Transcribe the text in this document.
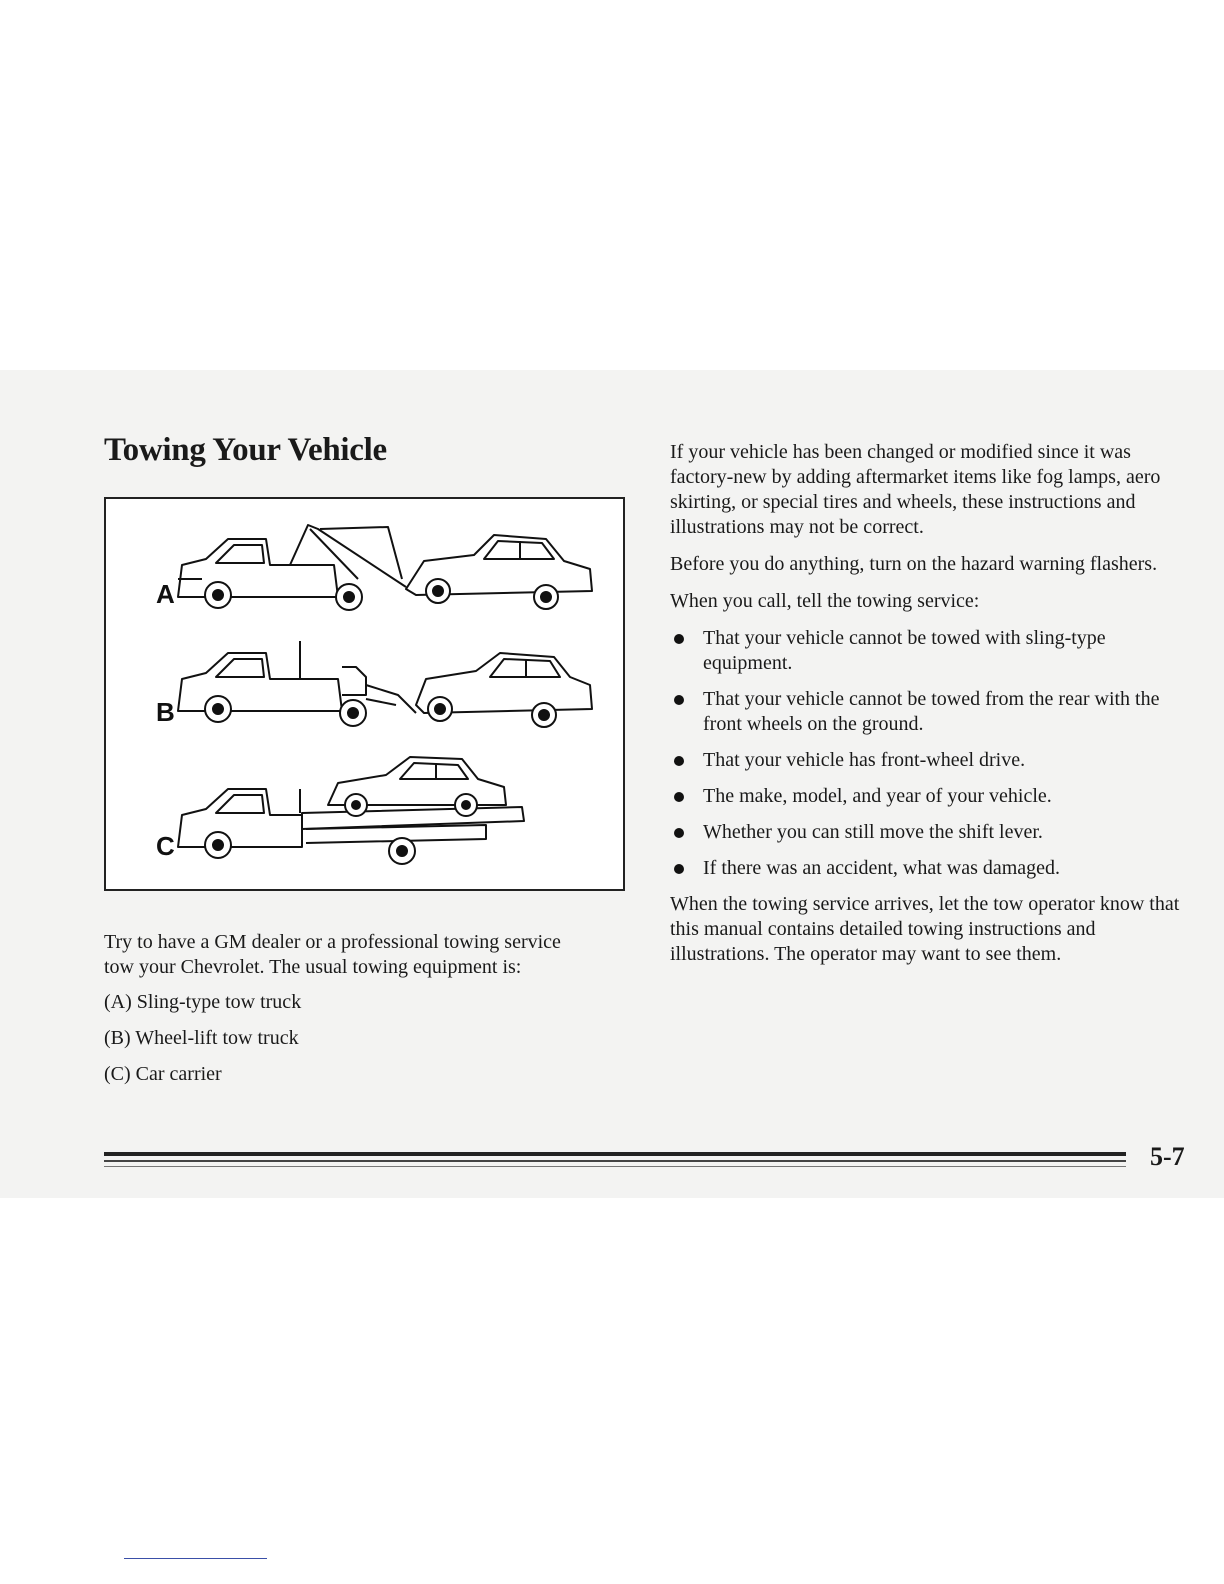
Towing Your Vehicle
A
B
C

Try to have a GM dealer or a professional towing service tow your Chevrolet. The usual towing equipment is:

(A) Sling-type tow truck
(B) Wheel-lift tow truck
(C) Car carrier

If your vehicle has been changed or modified since it was factory-new by adding aftermarket items like fog lamps, aero skirting, or special tires and wheels, these instructions and illustrations may not be correct.

Before you do anything, turn on the hazard warning flashers.

When you call, tell the towing service:

That your vehicle cannot be towed with sling-type equipment.
That your vehicle cannot be towed from the rear with the front wheels on the ground.
That your vehicle has front-wheel drive.
The make, model, and year of your vehicle.
Whether you can still move the shift lever.
If there was an accident, what was damaged.

When the towing service arrives, let the tow operator know that this manual contains detailed towing instructions and illustrations. The operator may want to see them.

5-7
